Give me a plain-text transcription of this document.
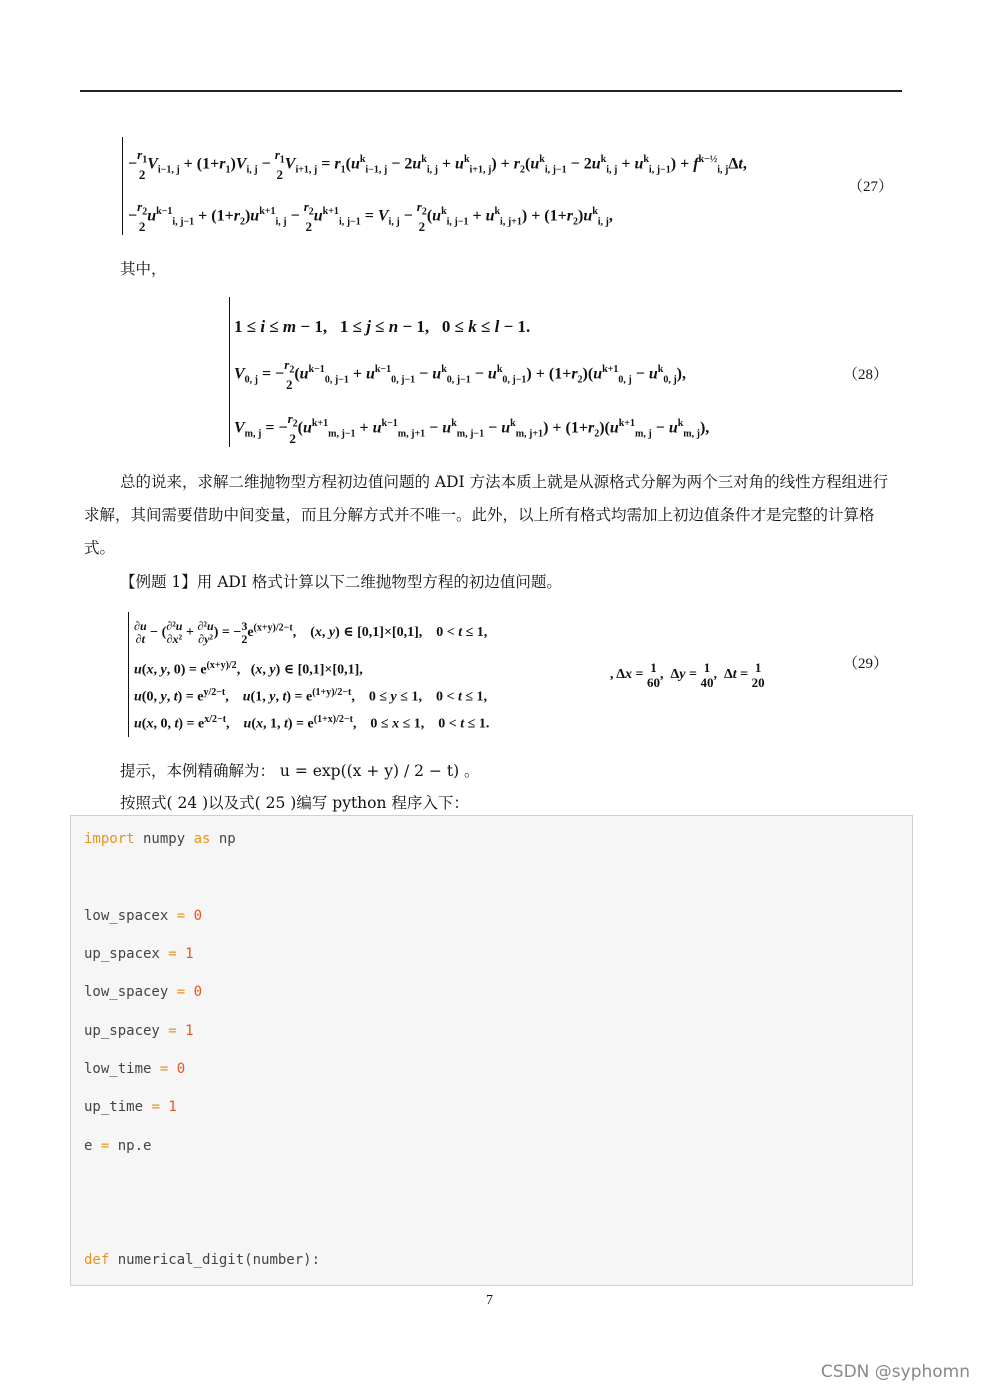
$-r_1$
$2V_{i-1, j} + (1+r_1)V_{i, j} - r_1$
$2V_{i+1, j} = r_1(u^k_{i-1, j} - 2u^k_{i, j} + u^k_{i+1, j}) + r_2(u^k_{i, j-1} - 2u^k_{i, j} + u^k_{i, j-1}) + f^{k-\frac{1}{2}}_{i, j}\Delta t$,
$-r_2$
$2u^{k-1}_{i, j-1} + (1+r_2)u^{k+1}_{i, j} - r_2$
$2u^{k+1}_{i, j-1} = V_{i, j} - r_2$
$2(u^k_{i, j-1} + u^k_{i, j+1}) + (1+r_2)u^k_{i, j}$,
（27）
其中，
1 ≤ i ≤ m − 1,   1 ≤ j ≤ n − 1,   0 ≤ k ≤ l − 1.
$V_{0, j} = -r_2$
$2(u^{k-1}_{0, j-1} + u^{k-1}_{0, j-1} - u^k_{0, j-1} - u^k_{0, j-1}) + (1+r_2)(u^{k+1}_{0, j} - u^k_{0, j})$,
$V_{m, j} = -r_2$
$2(u^{k+1}_{m, j-1} + u^{k-1}_{m, j+1} - u^k_{m, j-1} - u^k_{m, j+1}) + (1+r_2)(u^{k+1}_{m, j} - u^k_{m, j})$,
（28）
总的说来，求解二维抛物型方程初边值问题的 ADI 方法本质上就是从源格式分解为两个三对角的线性方程组进行求解，其间需要借助中间变量，而且分解方式并不唯一。此外，以上所有格式均需加上初边值条件才是完整的计算格式。
【例题 1】用 ADI 格式计算以下二维抛物型方程的初边值问题。
∂u
∂t − (∂²u
∂x² + ∂²u
∂y²) = −3
$2e^{(x+y)/2-t}$,    (x, y) ∈ [0,1]×[0,1],    0 < t ≤ 1,
u(x, y, $0) = e^{(x+y)/2}$,   (x, y) ∈ [0,1]×[0,1],
u(0, y, $t) = e^{y/2-t}$,    u(1, y, $t) = e^{(1+y)/2-t}$,    0 ≤ y ≤ 1,    0 < t ≤ 1,
u(x, 0, $t) = e^{x/2-t}$,    u(x, 1, $t) = e^{(1+x)/2-t}$,    0 ≤ x ≤ 1,    0 < t ≤ 1.
, Δx = 1
60,  Δy = 1
40,  Δt = 1
20
（29）
提示，本例精确解为： u = exp((x + y) / 2 − t) 。
按照式( 24 )以及式( 25 )编写 python 程序入下：
import numpy as np
low_spacex = 0
up_spacex = 1
low_spacey = 0
up_spacey = 1
low_time = 0
up_time = 1
e = np.e
def numerical_digit(number):
7
CSDN @syphomn
